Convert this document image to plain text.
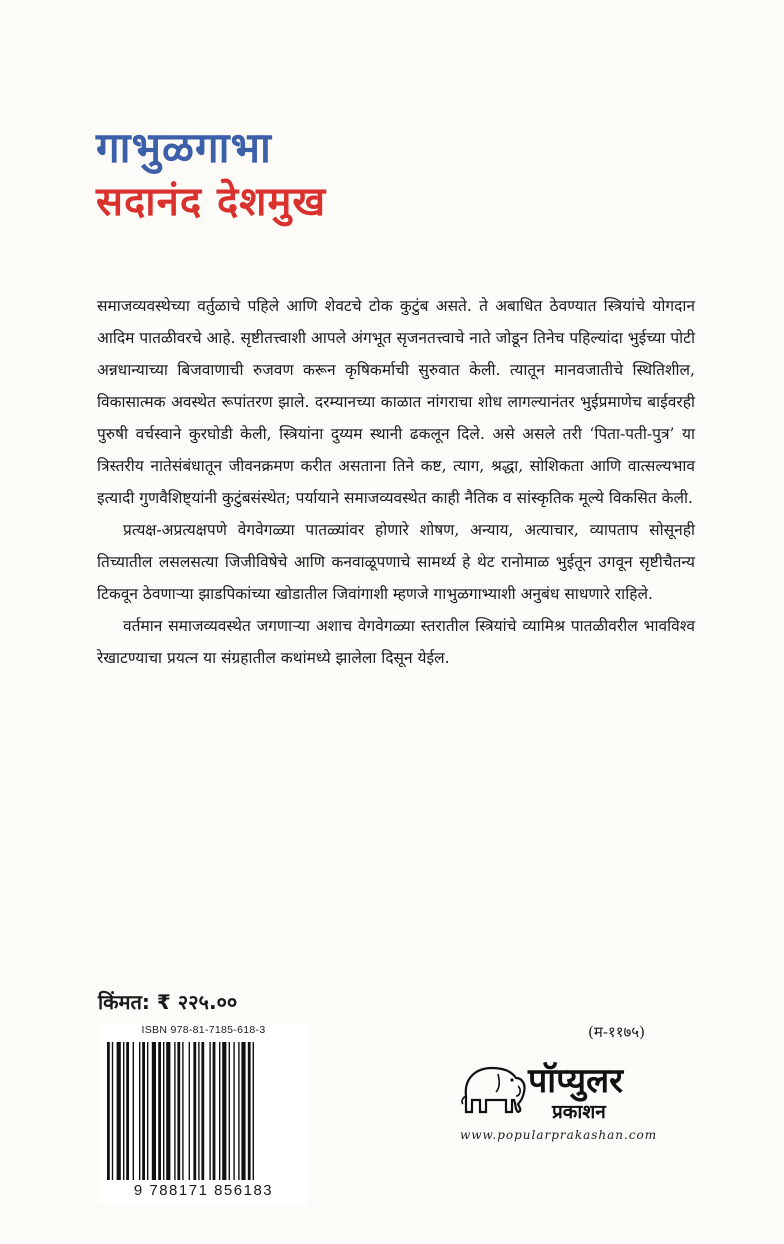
गाभुळगाभा
सदानंद देशमुख

समाजव्यवस्थेच्या वर्तुळाचे पहिले आणि शेवटचे टोक कुटुंब असते. ते अबाधित ठेवण्यात स्त्रियांचे योगदान आदिम पातळीवरचे आहे. सृष्टीतत्त्वाशी आपले अंगभूत सृजनतत्त्वाचे नाते जोडून तिनेच पहिल्यांदा भुईच्या पोटी अन्नधान्याच्या बिजवाणाची रुजवण करून कृषिकर्माची सुरुवात केली. त्यातून मानवजातीचे स्थितिशील, विकासात्मक अवस्थेत रूपांतरण झाले. दरम्यानच्या काळात नांगराचा शोध लागल्यानंतर भुईप्रमाणेच बाईवरही पुरुषी वर्चस्वाने कुरघोडी केली, स्त्रियांना दुय्यम स्थानी ढकलून दिले. असे असले तरी ‘पिता-पती-पुत्र’ या त्रिस्तरीय नातेसंबंधातून जीवनक्रमण करीत असताना तिने कष्ट, त्याग, श्रद्धा, सोशिकता आणि वात्सल्यभाव इत्यादी गुणवैशिष्ट्यांनी कुटुंबसंस्थेत; पर्यायाने समाजव्यवस्थेत काही नैतिक व सांस्कृतिक मूल्ये विकसित केली.

प्रत्यक्ष-अप्रत्यक्षपणे वेगवेगळ्या पातळ्यांवर होणारे शोषण, अन्याय, अत्याचार, व्यापताप सोसूनही तिच्यातील लसलसत्या जिजीविषेचे आणि कनवाळूपणाचे सामर्थ्य हे थेट रानोमाळ भुईतून उगवून सृष्टीचैतन्य टिकवून ठेवणाऱ्या झाडपिकांच्या खोडातील जिवांगाशी म्हणजे गाभुळगाभ्याशी अनुबंध साधणारे राहिले.

वर्तमान समाजव्यवस्थेत जगणाऱ्या अशाच वेगवेगळ्या स्तरातील स्त्रियांचे व्यामिश्र पातळीवरील भावविश्व रेखाटण्याचा प्रयत्न या संग्रहातील कथांमध्ये झालेला दिसून येईल.

किंमत: ₹ २२५.००
ISBN 978-81-7185-618-3
9 788171 856183
(म-११७५)
पॉप्युलर
प्रकाशन
www.popularprakashan.com
